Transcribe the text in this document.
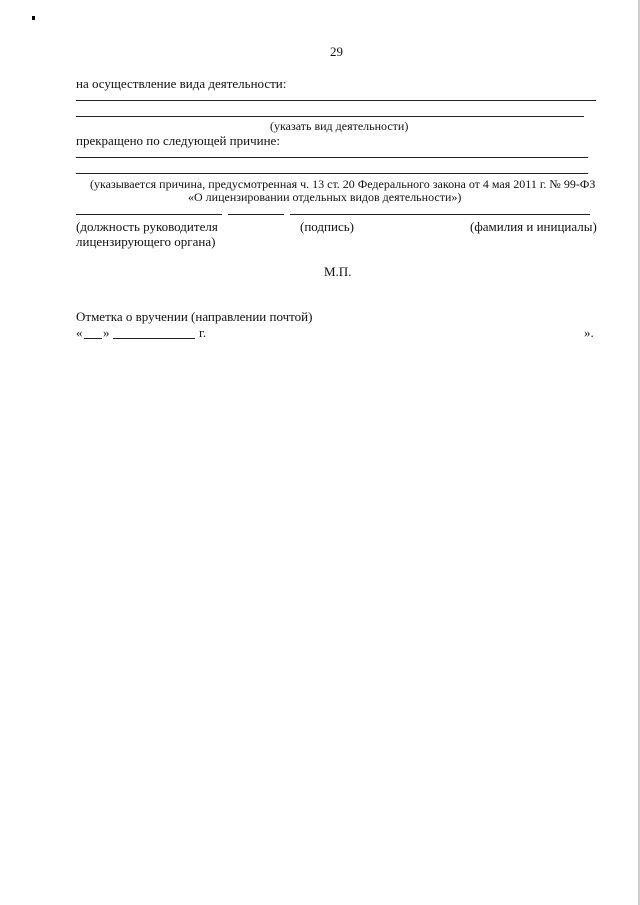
29
на осуществление вида деятельности:
(указать вид деятельности)
прекращено по следующей причине:
(указывается причина, предусмотренная ч. 13 ст. 20 Федерального закона от 4 мая 2011 г. № 99-ФЗ
«О лицензировании отдельных видов деятельности»)
(должность руководителя
лицензирующего органа)
(подпись)	(фамилия и инициалы)
М.П.
Отметка о вручении (направлении почтой)
« »	г.	».
